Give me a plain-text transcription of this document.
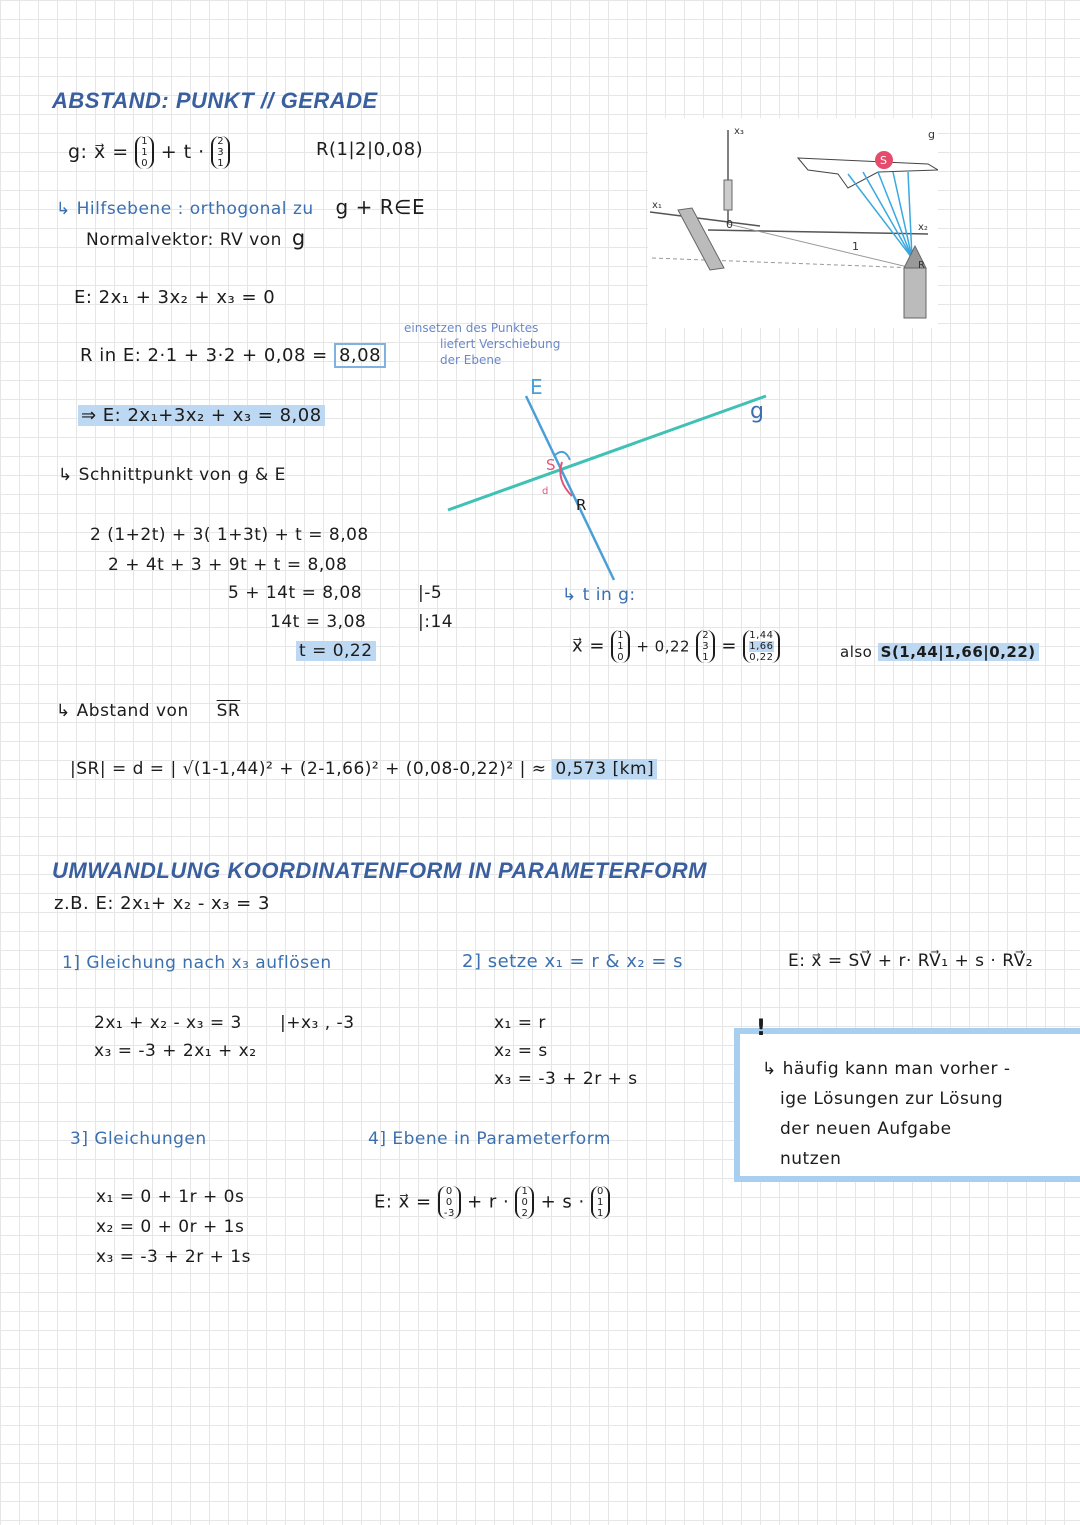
ABSTAND: PUNKT // GERADE
g: x⃗ = 1
1
0
+ t · 2
3
1
R(1|2|0,08)
↳ Hilfsebene : orthogonal zu g + R∈E
Normalvektor: RV von g
E: 2x₁ + 3x₂ + x₃ = 0
einsetzen des Punktes
liefert Verschiebung
der Ebene
R in E: 2·1 + 3·2 + 0,08 = 8,08
⇒ E: 2x₁+3x₂ + x₃ = 8,08
↳ Schnittpunkt von g & E
2 (1+2t) + 3( 1+3t) + t = 8,08
2 + 4t + 3 + 9t + t = 8,08
5 + 14t = 8,08	|-5
14t = 3,08	|:14
t = 0,22
E
g
S
d
R
x₁
x₂
x₃
0
1
g
S
R
↳ t in g:
x⃗ = 1
1
0
+ 0,22
2
3
1
= 1,44
1,66
0,22	also S(1,44|1,66|0,22)
↳ Abstand von $\overline{SR}$
|SR| = d = | √(1-1,44)² + (2-1,66)² + (0,08-0,22)² | ≈ 0,573 [km]
UMWANDLUNG KOORDINATENFORM IN PARAMETERFORM
z.B. E: 2x₁+ x₂ - x₃ = 3
1] Gleichung nach x₃ auflösen	2] setze x₁ = r & x₂ = s	E: x⃗ = SV⃗ + r· RV⃗₁ + s · RV⃗₂
2x₁ + x₂ - x₃ = 3 |+x₃ , -3
x₃ = -3 + 2x₁ + x₂
x₁ = r
x₂ = s
x₃ = -3 + 2r + s
3] Gleichungen	4] Ebene in Parameterform
x₁ = 0 + 1r + 0s
x₂ = 0 + 0r + 1s
x₃ = -3 + 2r + 1s
E: x⃗ = 0
0
-3
+ r · 1
0
2
+ s · 0
1
1
!
↳ häufig kann man vorher -
ige Lösungen zur Lösung
der neuen Aufgabe
nutzen
